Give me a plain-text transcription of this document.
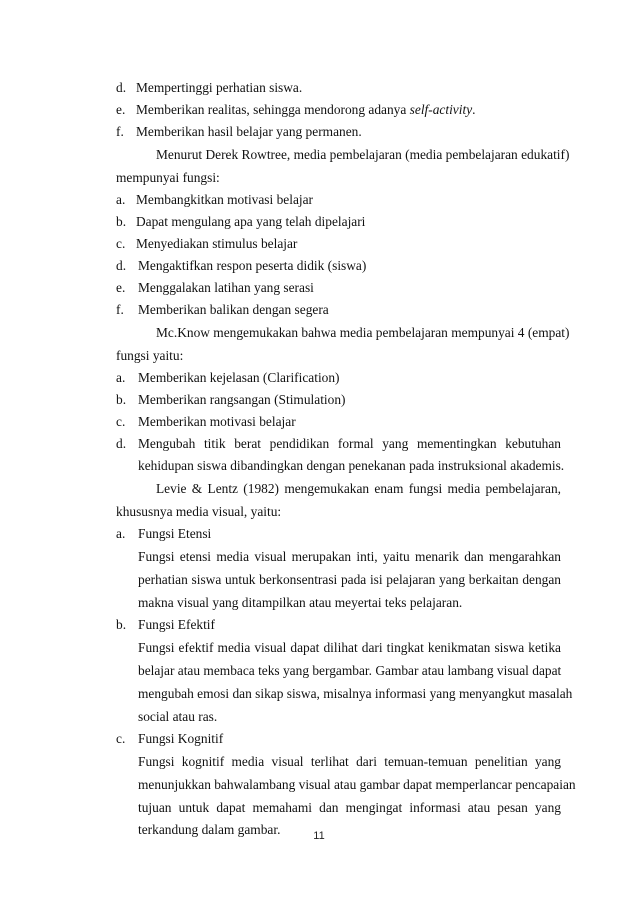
d. Mempertinggi perhatian siswa.
e. Memberikan realitas, sehingga mendorong adanya self-activity.
f. Memberikan hasil belajar yang permanen.
Menurut Derek Rowtree, media pembelajaran (media pembelajaran edukatif)
mempunyai fungsi:
a. Membangkitkan motivasi belajar
b. Dapat mengulang apa yang telah dipelajari
c. Menyediakan stimulus belajar
d. Mengaktifkan respon peserta didik (siswa)
e. Menggalakan latihan yang serasi
f. Memberikan balikan dengan segera
Mc.Know mengemukakan bahwa media pembelajaran mempunyai 4 (empat)
fungsi yaitu:
a. Memberikan kejelasan (Clarification)
b. Memberikan rangsangan (Stimulation)
c. Memberikan motivasi belajar
d. Mengubah titik berat pendidikan formal yang mementingkan kebutuhan
kehidupan siswa dibandingkan dengan penekanan pada instruksional akademis.
Levie & Lentz (1982) mengemukakan enam fungsi media pembelajaran,
khususnya media visual, yaitu:
a. Fungsi Etensi
Fungsi etensi media visual merupakan inti, yaitu menarik dan mengarahkan
perhatian siswa untuk berkonsentrasi pada isi pelajaran yang berkaitan dengan
makna visual yang ditampilkan atau meyertai teks pelajaran.
b. Fungsi Efektif
Fungsi efektif media visual dapat dilihat dari tingkat kenikmatan siswa ketika
belajar atau membaca teks yang bergambar. Gambar atau lambang visual dapat
mengubah emosi dan sikap siswa, misalnya informasi yang menyangkut masalah
social atau ras.
c. Fungsi Kognitif
Fungsi kognitif media visual terlihat dari temuan-temuan penelitian yang
menunjukkan bahwalambang visual atau gambar dapat memperlancar pencapaian
tujuan untuk dapat memahami dan mengingat informasi atau pesan yang
terkandung dalam gambar.	11
